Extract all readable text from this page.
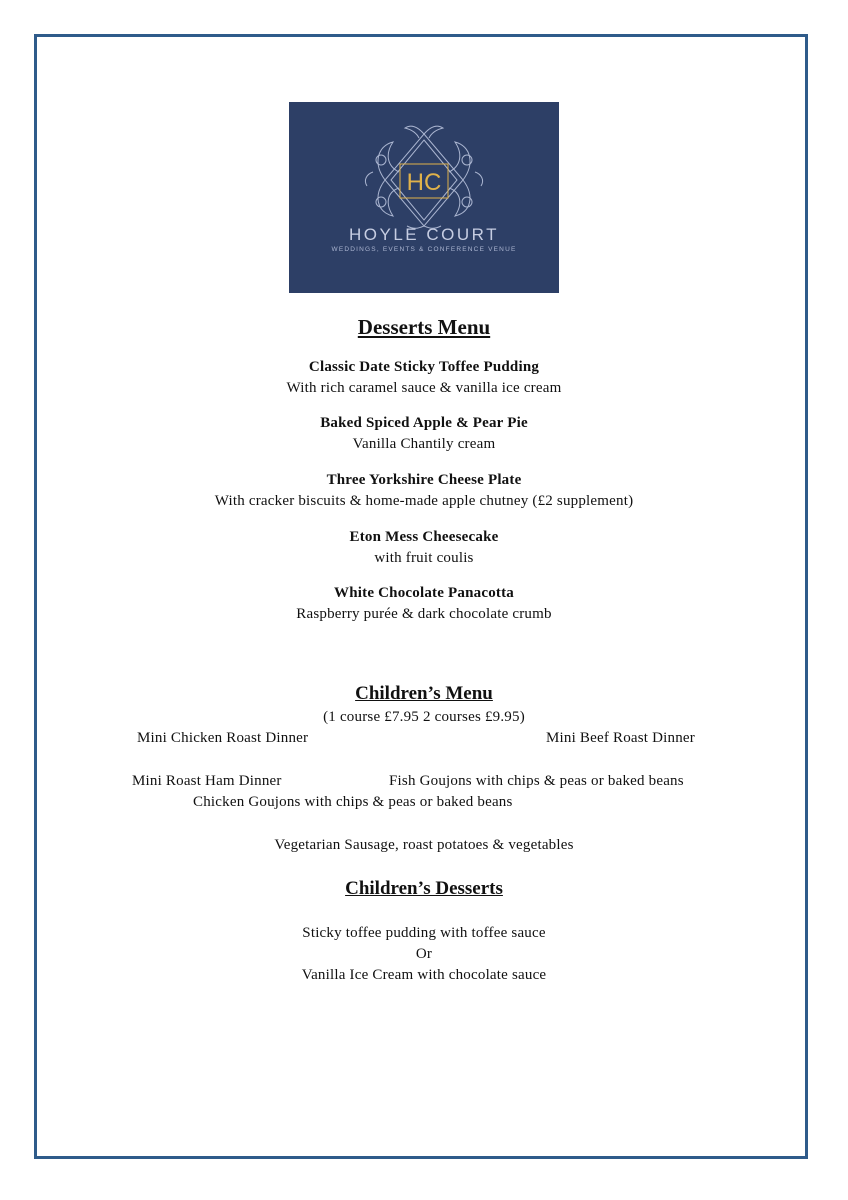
HC
HOYLE COURT
WEDDINGS, EVENTS & CONFERENCE VENUE
Desserts Menu
Classic Date Sticky Toffee Pudding
With rich caramel sauce & vanilla ice cream
Baked Spiced Apple & Pear Pie
Vanilla Chantily cream
Three Yorkshire Cheese Plate
With cracker biscuits & home-made apple chutney (£2 supplement)
Eton Mess Cheesecake
with fruit coulis
White Chocolate Panacotta
Raspberry purée & dark chocolate crumb
Children’s Menu
(1 course £7.95 2 courses £9.95)
Mini Chicken Roast Dinner	Mini Beef Roast Dinner
Mini Roast Ham Dinner	Fish Goujons with chips & peas or baked beans
Chicken Goujons with chips & peas or baked beans
Vegetarian Sausage, roast potatoes & vegetables
Children’s Desserts
Sticky toffee pudding with toffee sauce
Or
Vanilla Ice Cream with chocolate sauce
